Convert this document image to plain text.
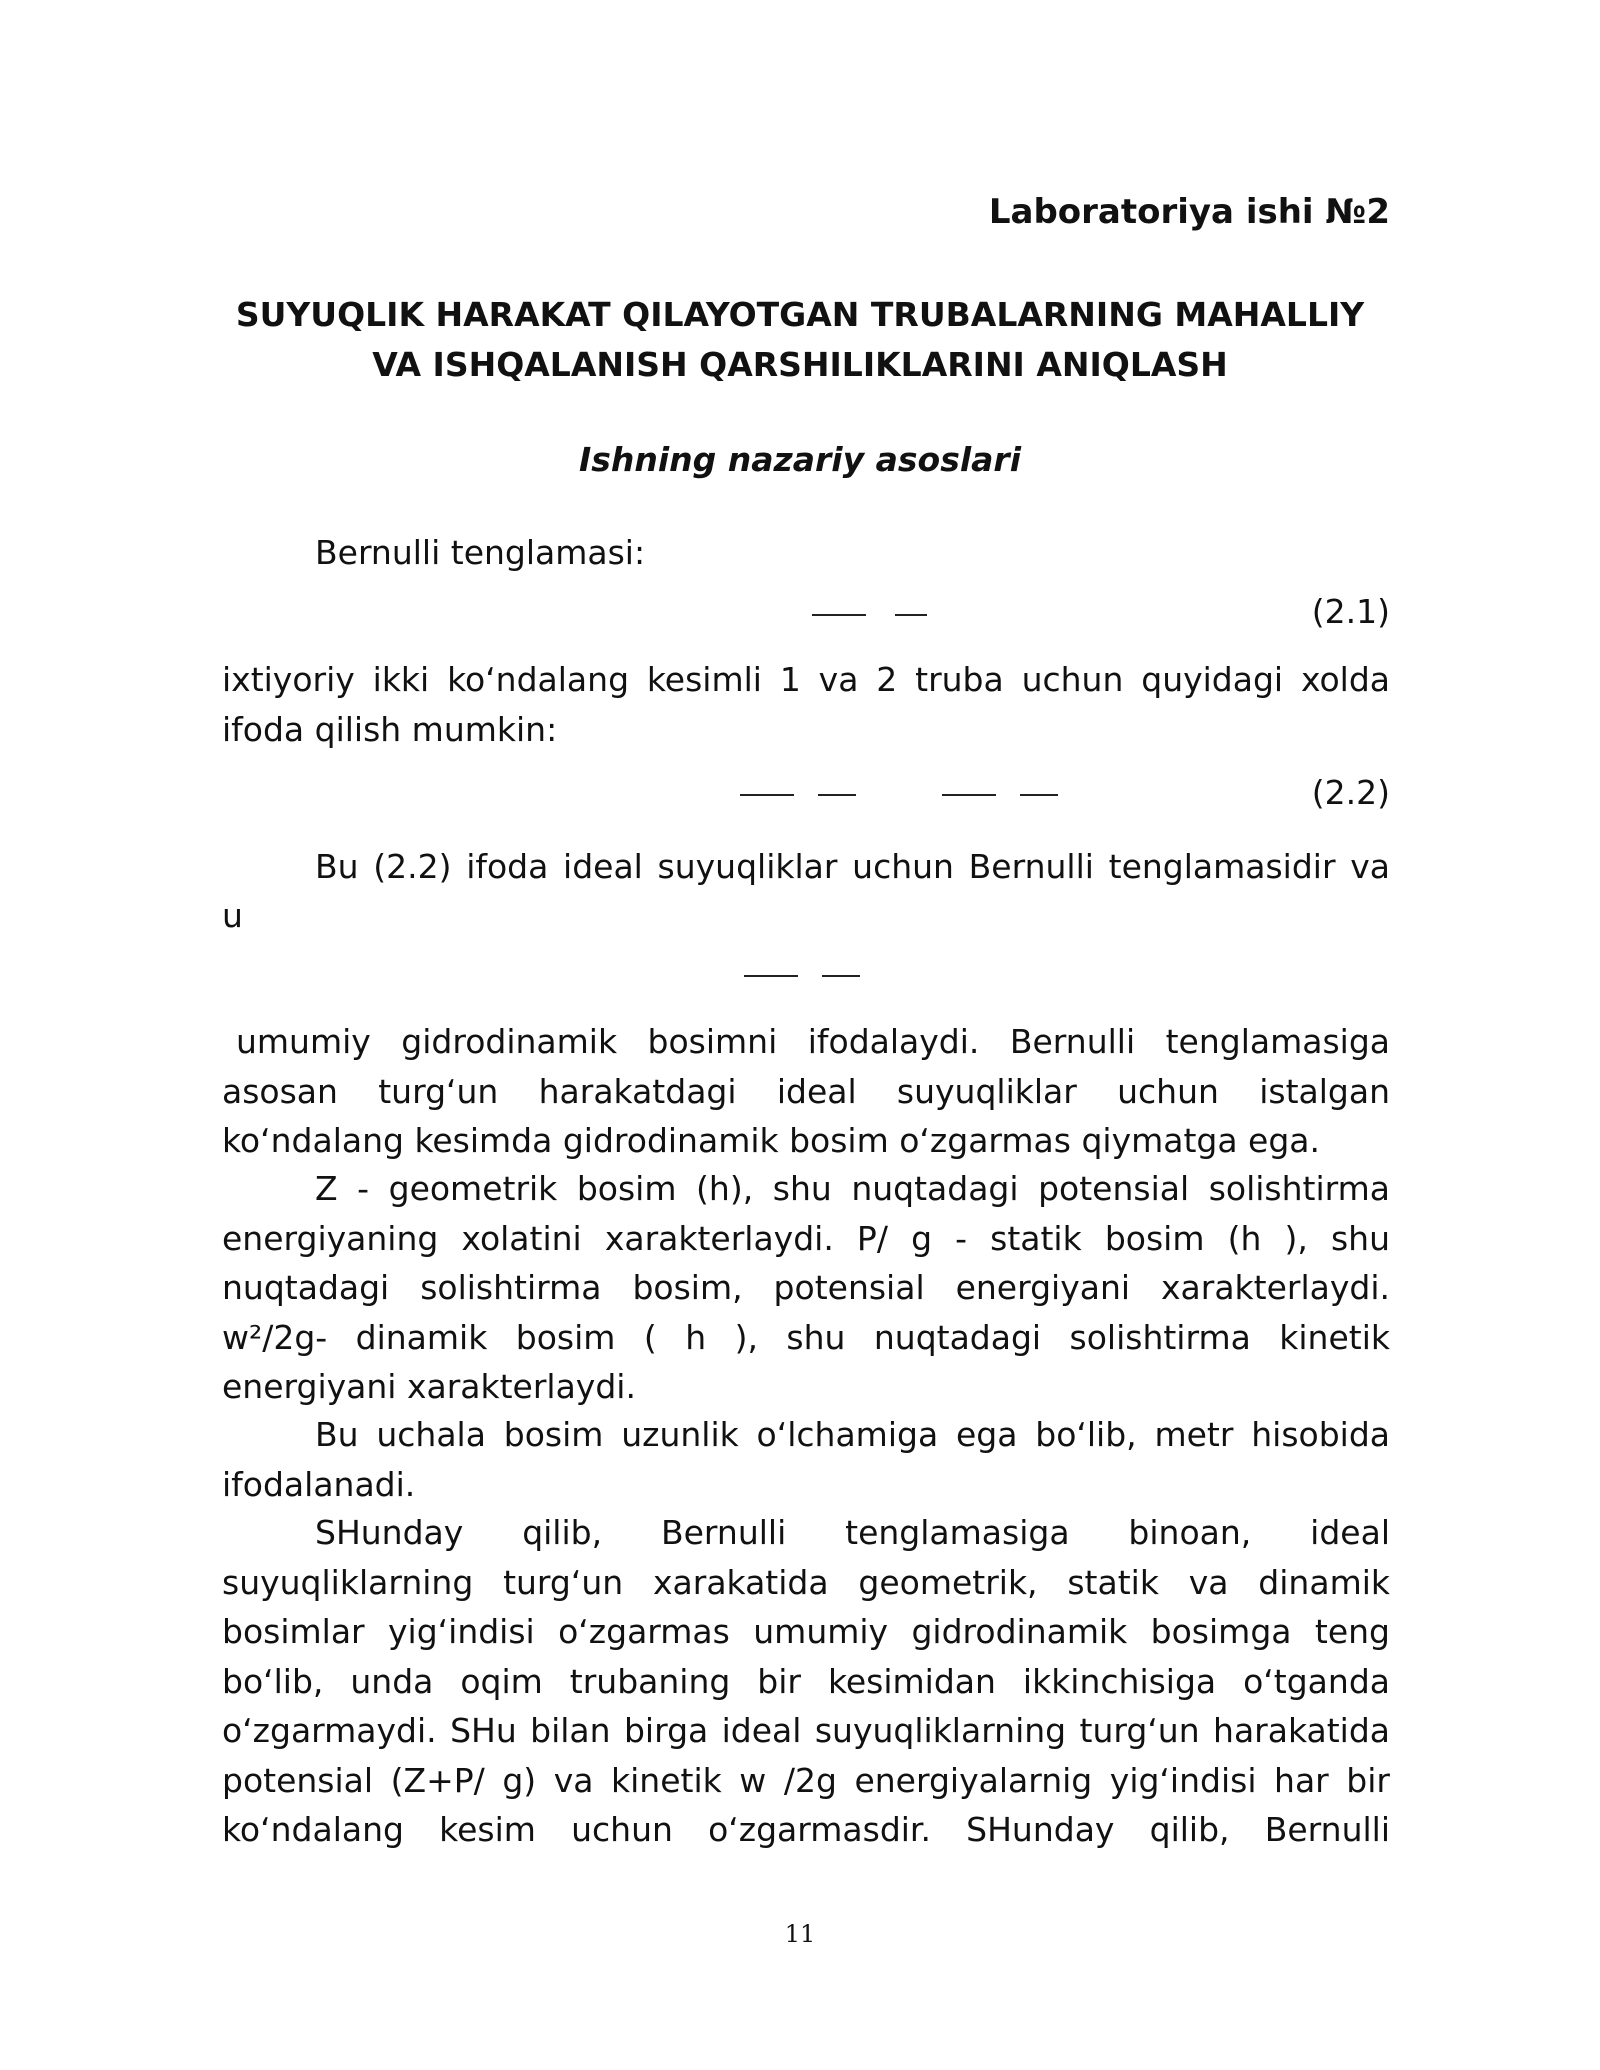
Laboratoriya ishi №2
SUYUQLIK HARAKAT QILAYOTGAN TRUBALARNING MAHALLIY
VA ISHQALANISH QARSHILIKLARINI ANIQLASH
Ishning nazariy asoslari
Bernulli tenglamasi:
(2.1)
ixtiyoriy ikki ko‘ndalang kesimli 1 va 2 truba uchun quyidagi xolda ifoda qilish mumkin:
(2.2)
Bu (2.2) ifoda ideal suyuqliklar uchun Bernulli tenglamasidir va
u
umumiy gidrodinamik bosimni ifodalaydi. Bernulli tenglamasiga asosan turg‘un harakatdagi ideal suyuqliklar uchun istalgan ko‘ndalang kesimda gidrodinamik bosim o‘zgarmas qiymatga ega.
Z - geometrik bosim (h), shu nuqtadagi potensial solishtirma energiyaning xolatini xarakterlaydi. P/ g - statik bosim (h ), shu nuqtadagi solishtirma bosim, potensial energiyani xarakterlaydi. w²/2g- dinamik bosim ( h ), shu nuqtadagi solishtirma kinetik energiyani xarakterlaydi.
Bu uchala bosim uzunlik o‘lchamiga ega bo‘lib, metr hisobida ifodalanadi.
SHunday qilib, Bernulli tenglamasiga binoan, ideal suyuqliklarning turg‘un xarakatida geometrik, statik va dinamik bosimlar yig‘indisi o‘zgarmas umumiy gidrodinamik bosimga teng bo‘lib, unda oqim trubaning bir kesimidan ikkinchisiga o‘tganda o‘zgarmaydi. SHu bilan birga ideal suyuqliklarning turg‘un harakatida potensial (Z+P/ g) va kinetik w /2g energiyalarnig yig‘indisi har bir ko‘ndalang kesim uchun o‘zgarmasdir. SHunday qilib, Bernulli
11
